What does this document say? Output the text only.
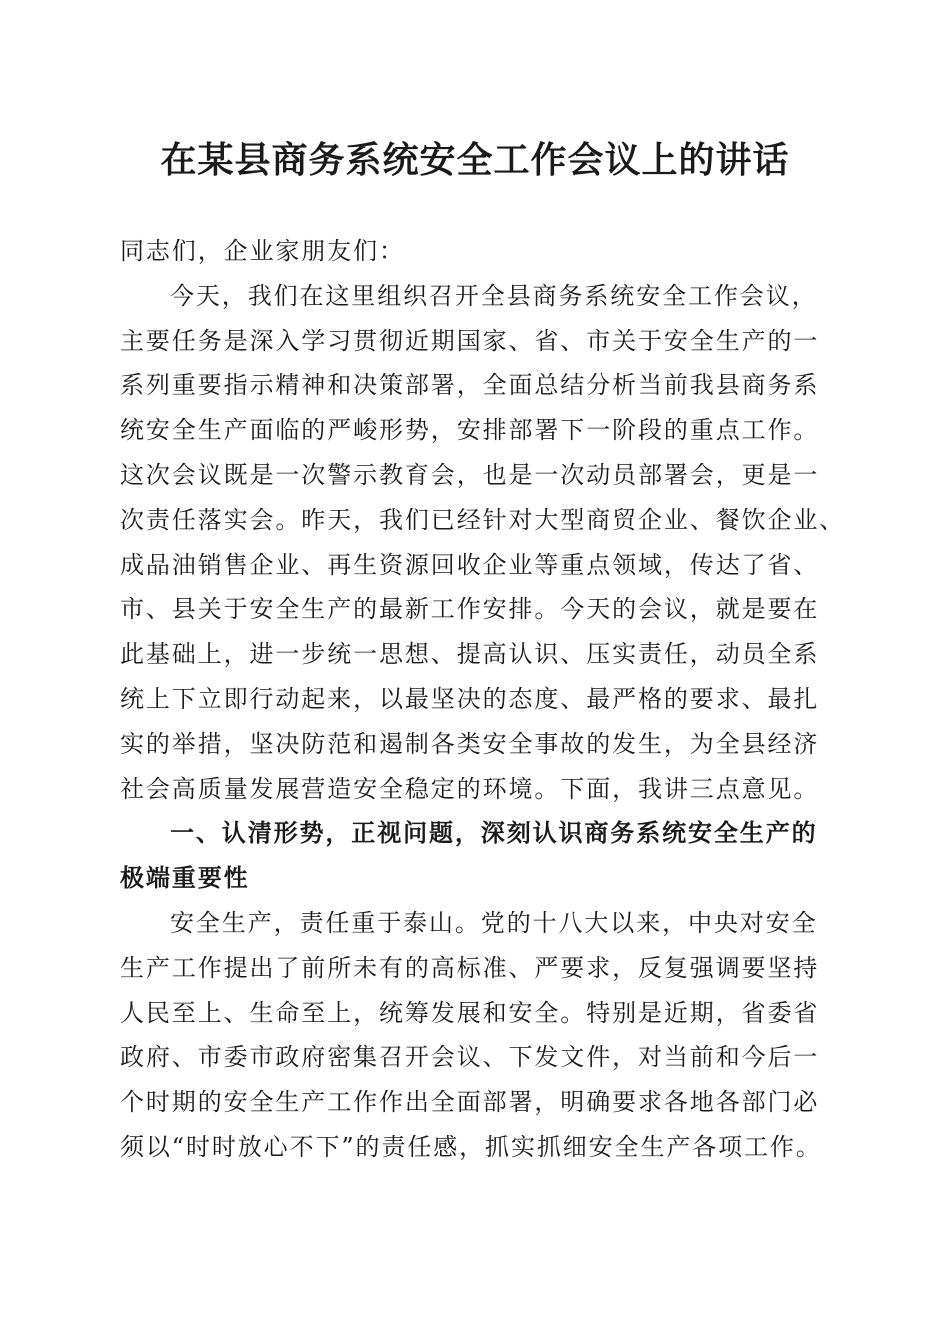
在某县商务系统安全工作会议上的讲话
同志们，企业家朋友们：
今天，我们在这里组织召开全县商务系统安全工作会议，
主要任务是深入学习贯彻近期国家、省、市关于安全生产的一
系列重要指示精神和决策部署，全面总结分析当前我县商务系
统安全生产面临的严峻形势，安排部署下一阶段的重点工作。
这次会议既是一次警示教育会，也是一次动员部署会，更是一
次责任落实会。昨天，我们已经针对大型商贸企业、餐饮企业、
成品油销售企业、再生资源回收企业等重点领域，传达了省、
市、县关于安全生产的最新工作安排。今天的会议，就是要在
此基础上，进一步统一思想、提高认识、压实责任，动员全系
统上下立即行动起来，以最坚决的态度、最严格的要求、最扎
实的举措，坚决防范和遏制各类安全事故的发生，为全县经济
社会高质量发展营造安全稳定的环境。下面，我讲三点意见。
一、认清形势，正视问题，深刻认识商务系统安全生产的
极端重要性
安全生产，责任重于泰山。党的十八大以来，中央对安全
生产工作提出了前所未有的高标准、严要求，反复强调要坚持
人民至上、生命至上，统筹发展和安全。特别是近期，省委省
政府、市委市政府密集召开会议、下发文件，对当前和今后一
个时期的安全生产工作作出全面部署，明确要求各地各部门必
须以“时时放心不下”的责任感，抓实抓细安全生产各项工作。
